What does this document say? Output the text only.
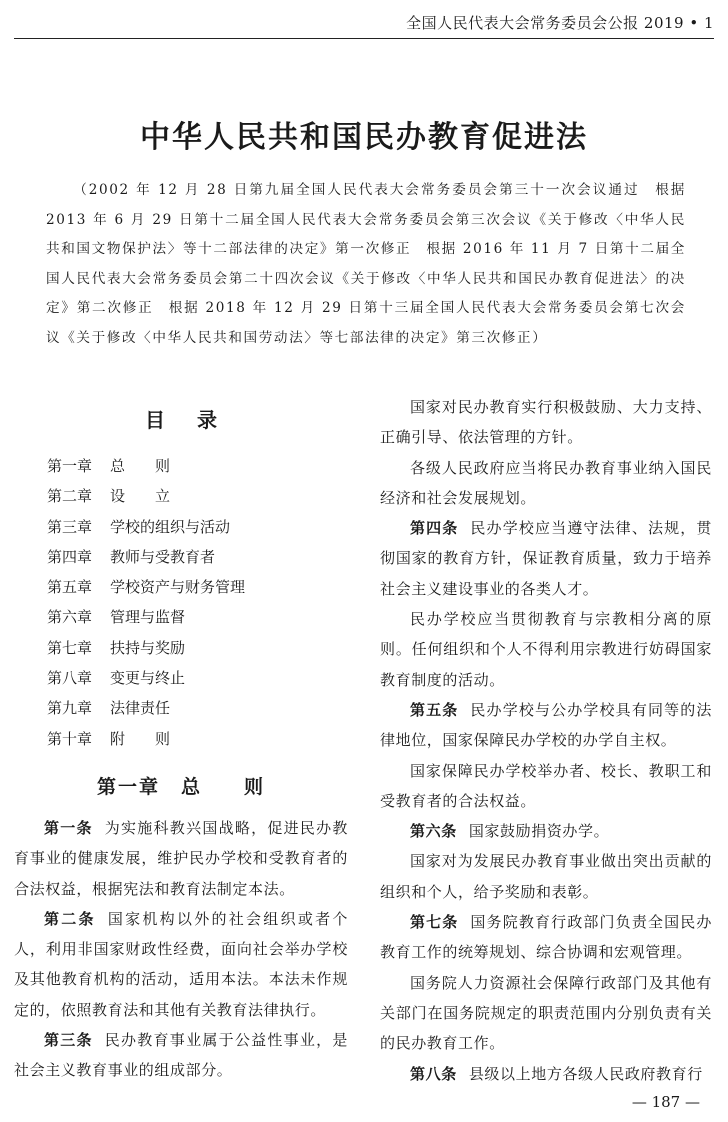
全国人民代表大会常务委员会公报 2019 • 1
中华人民共和国民办教育促进法
（2002 年 12 月 28 日第九届全国人民代表大会常务委员会第三十一次会议通过　根据 2013 年 6 月 29 日第十二届全国人民代表大会常务委员会第三次会议《关于修改〈中华人民共和国文物保护法〉等十二部法律的决定》第一次修正　根据 2016 年 11 月 7 日第十二届全国人民代表大会常务委员会第二十四次会议《关于修改〈中华人民共和国民办教育促进法〉的决定》第二次修正　根据 2018 年 12 月 29 日第十三届全国人民代表大会常务委员会第七次会议《关于修改〈中华人民共和国劳动法〉等七部法律的决定》第三次修正）
目录
第一章 总　　则
第二章 设　　立
第三章 学校的组织与活动
第四章 教师与受教育者
第五章 学校资产与财务管理
第六章 管理与监督
第七章 扶持与奖励
第八章 变更与终止
第九章 法律责任
第十章 附　　则
第一章　总　　则

第一条 为实施科教兴国战略，促进民办教育事业的健康发展，维护民办学校和受教育者的合法权益，根据宪法和教育法制定本法。

第二条 国家机构以外的社会组织或者个人，利用非国家财政性经费，面向社会举办学校及其他教育机构的活动，适用本法。本法未作规定的，依照教育法和其他有关教育法律执行。

第三条 民办教育事业属于公益性事业，是社会主义教育事业的组成部分。

国家对民办教育实行积极鼓励、大力支持、正确引导、依法管理的方针。

各级人民政府应当将民办教育事业纳入国民经济和社会发展规划。

第四条 民办学校应当遵守法律、法规，贯彻国家的教育方针，保证教育质量，致力于培养社会主义建设事业的各类人才。

民办学校应当贯彻教育与宗教相分离的原则。任何组织和个人不得利用宗教进行妨碍国家教育制度的活动。

第五条 民办学校与公办学校具有同等的法律地位，国家保障民办学校的办学自主权。

国家保障民办学校举办者、校长、教职工和受教育者的合法权益。

第六条 国家鼓励捐资办学。

国家对为发展民办教育事业做出突出贡献的组织和个人，给予奖励和表彰。

第七条 国务院教育行政部门负责全国民办教育工作的统筹规划、综合协调和宏观管理。

国务院人力资源社会保障行政部门及其他有关部门在国务院规定的职责范围内分别负责有关的民办教育工作。

第八条 县级以上地方各级人民政府教育行

— 187 —
